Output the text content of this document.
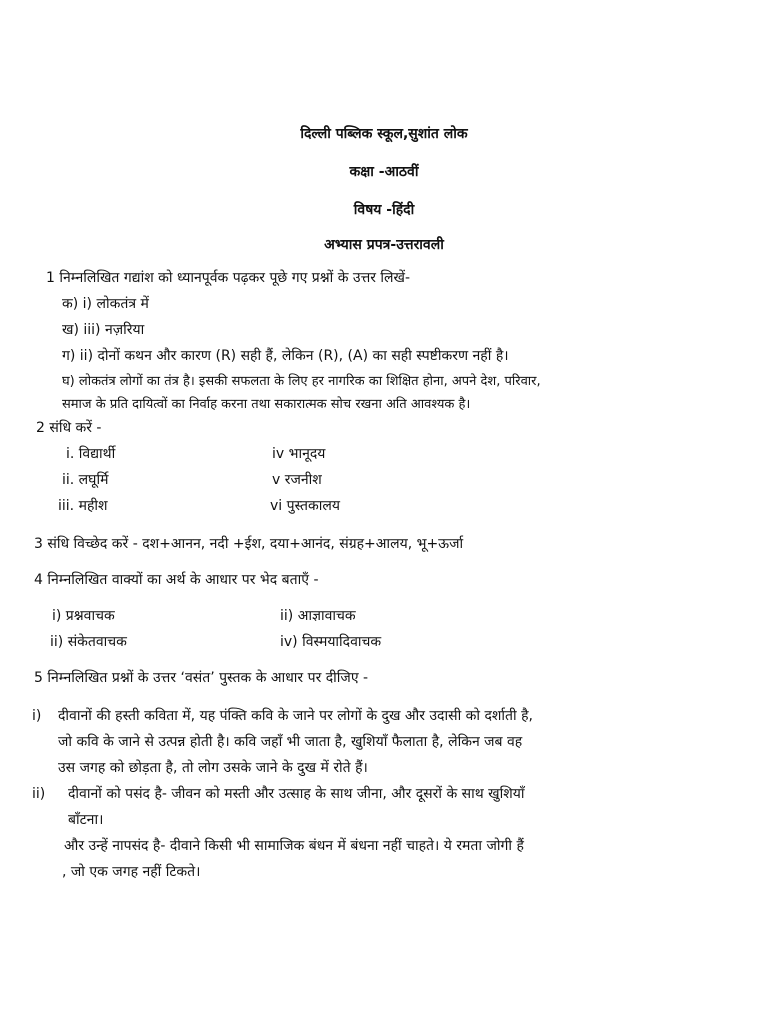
दिल्ली पब्लिक स्कूल,सुशांत लोक
कक्षा -आठवीं
विषय -हिंदी
अभ्यास प्रपत्र-उत्तरावली
1 निम्नलिखित गद्यांश को ध्यानपूर्वक पढ़कर पूछे गए प्रश्नों के उत्तर लिखें-
क) i) लोकतंत्र में
ख) iii) नज़रिया
ग) ii) दोनों कथन और कारण (R) सही हैं, लेकिन (R), (A) का सही स्पष्टीकरण नहीं है।
घ) लोकतंत्र लोगों का तंत्र है। इसकी सफलता के लिए हर नागरिक का शिक्षित होना, अपने देश, परिवार,
समाज के प्रति दायित्वों का निर्वाह करना तथा सकारात्मक सोच रखना अति आवश्यक है।
2 संधि करें -
i. विद्यार्थी
ii. लघूर्मि
iii. महीश
iv भानूदय
v रजनीश
vi पुस्तकालय
3 संधि विच्छेद करें - दश+आनन, नदी +ईश, दया+आनंद, संग्रह+आलय, भू+ऊर्जा
4 निम्नलिखित वाक्यों का अर्थ के आधार पर भेद बताएँ -
i) प्रश्नवाचक
ii) संकेतवाचक
ii) आज्ञावाचक
iv) विस्मयादिवाचक
5 निम्नलिखित प्रश्नों के उत्तर ‘वसंत’ पुस्तक के आधार पर दीजिए -
i) दीवानों की हस्ती कविता में, यह पंक्ति कवि के जाने पर लोगों के दुख और उदासी को दर्शाती है,
जो कवि के जाने से उत्पन्न होती है। कवि जहाँ भी जाता है, खुशियाँ फैलाता है, लेकिन जब वह
उस जगह को छोड़ता है, तो लोग उसके जाने के दुख में रोते हैं।
ii) दीवानों को पसंद है- जीवन को मस्ती और उत्साह के साथ जीना, और दूसरों के साथ खुशियाँ
बाँटना।
और उन्हें नापसंद है- दीवाने किसी भी सामाजिक बंधन में बंधना नहीं चाहते। ये रमता जोगी हैं
, जो एक जगह नहीं टिकते।
